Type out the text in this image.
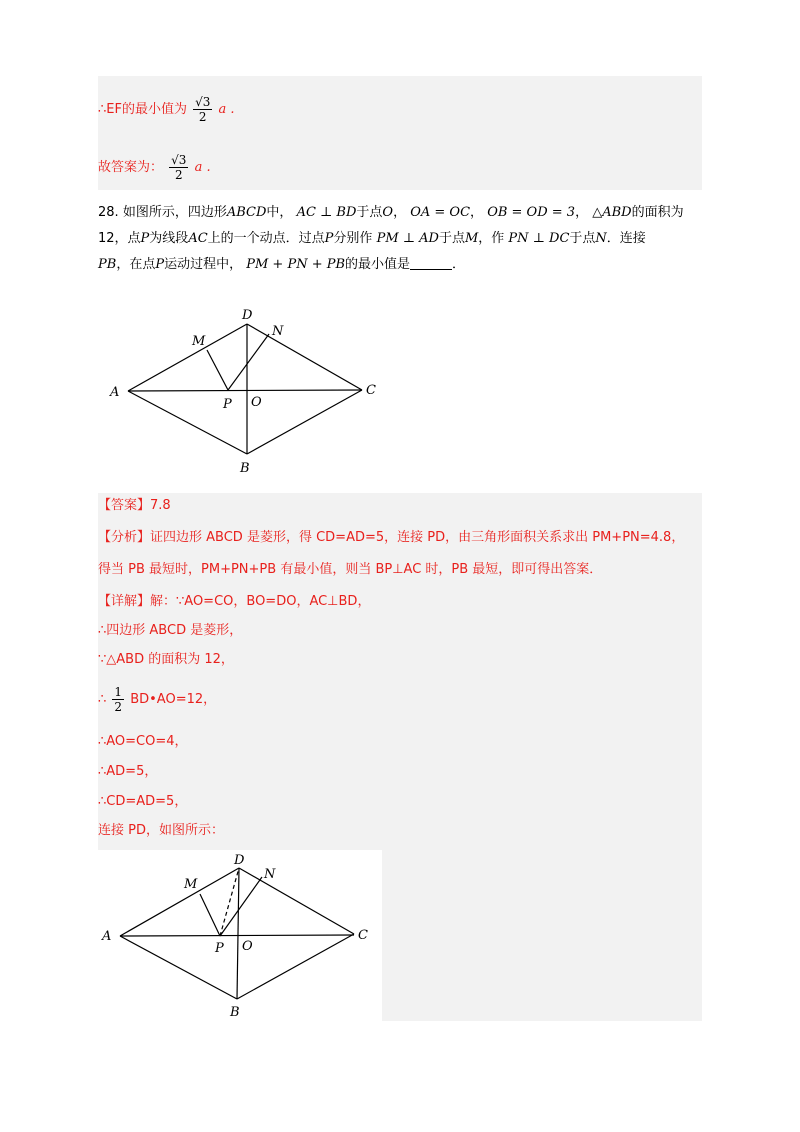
∴EF的最小值为 $\frac{√3}{2}$ a .
故答案为： $\frac{√3}{2}$ a .
28. 如图所示，四边形ABCD中， AC ⊥ BD于点O， OA = OC， OB = OD = 3， △ABD的面积为
12，点P为线段AC上的一个动点．过点P分别作 PM ⊥ AD于点M，作 PN ⊥ DC于点N．连接
PB，在点P运动过程中， PM + PN + PB的最小值是	．
D
N
M
A	C
P O
B
【答案】7.8
【分析】证四边形 ABCD 是菱形，得 CD=AD=5，连接 PD，由三角形面积关系求出 PM+PN=4.8，
得当 PB 最短时，PM+PN+PB 有最小值，则当 BP⊥AC 时，PB 最短，即可得出答案．
【详解】解：∵AO=CO，BO=DO，AC⊥BD，
∴四边形 ABCD 是菱形，
∵△ABD 的面积为 12，
∴ $\frac{1}{2}$ BD•AO=12，
∴AO=CO=4，
∴AD=5，
∴CD=AD=5，
连接 PD，如图所示：
D
N
M
A	C
P O
B
